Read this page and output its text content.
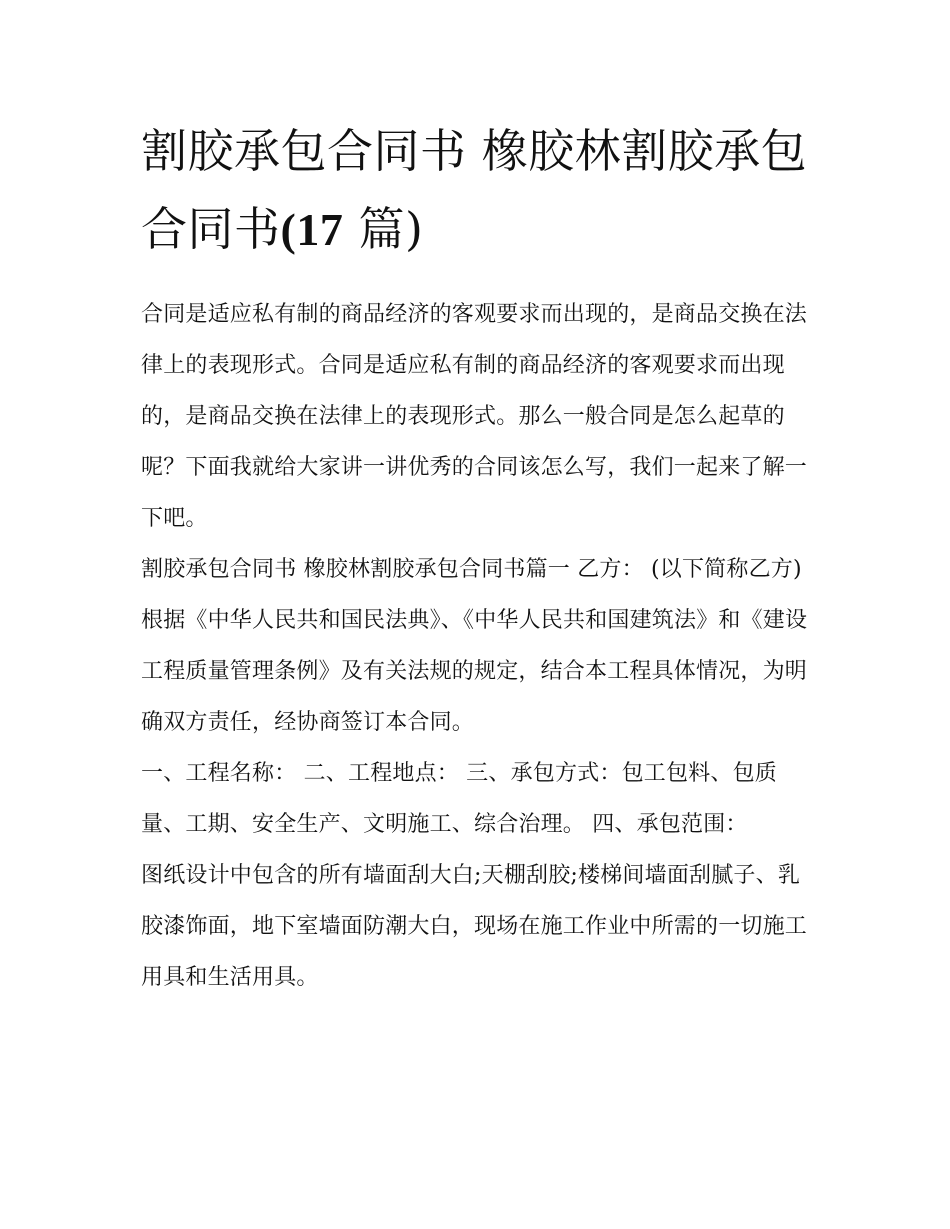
割胶承包合同书 橡胶林割胶承包合同书(17 篇)

合同是适应私有制的商品经济的客观要求而出现的，是商品交换在法律上的表现形式。合同是适应私有制的商品经济的客观要求而出现的，是商品交换在法律上的表现形式。那么一般合同是怎么起草的呢？下面我就给大家讲一讲优秀的合同该怎么写，我们一起来了解一下吧。

割胶承包合同书 橡胶林割胶承包合同书篇一 乙方： (以下简称乙方)

根据《中华人民共和国民法典》、《中华人民共和国建筑法》和《建设工程质量管理条例》及有关法规的规定，结合本工程具体情况，为明确双方责任，经协商签订本合同。

一、工程名称： 二、工程地点： 三、承包方式：包工包料、包质量、工期、安全生产、文明施工、综合治理。 四、承包范围：

图纸设计中包含的所有墙面刮大白;天棚刮胶;楼梯间墙面刮腻子、乳胶漆饰面，地下室墙面防潮大白，现场在施工作业中所需的一切施工用具和生活用具。
